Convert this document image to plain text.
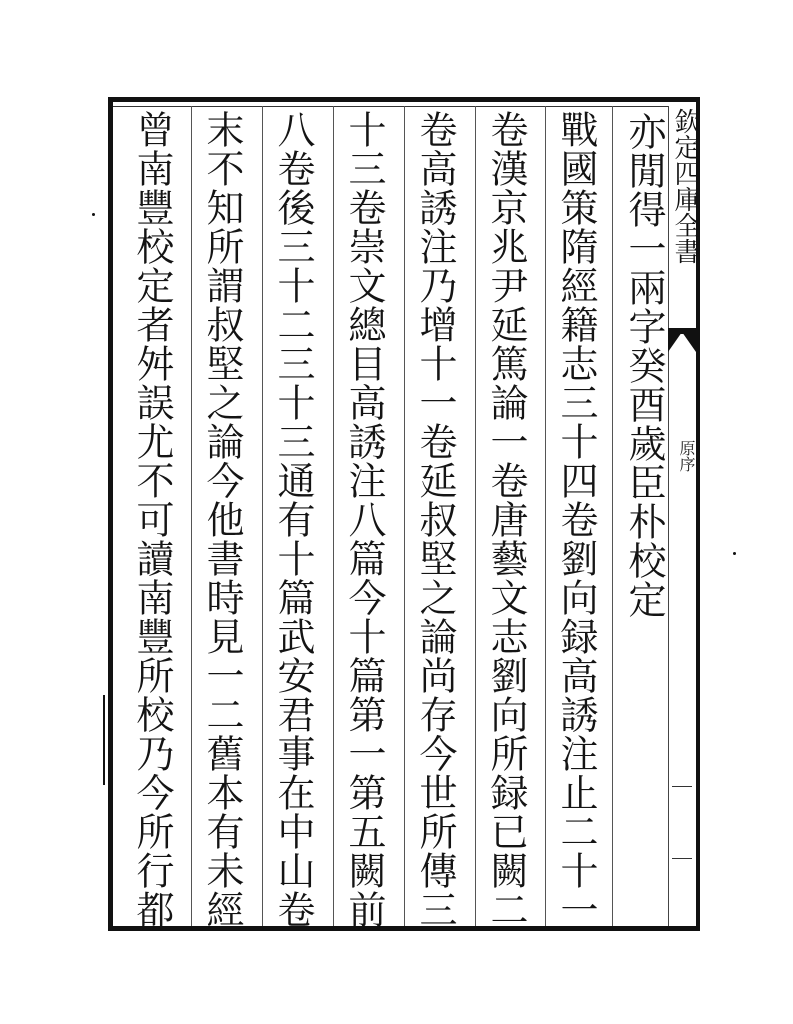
欽定四庫全書
原序
亦閒得一兩字癸酉歲臣朴校定
戰國策隋經籍志三十四卷劉向録高誘注止二十一
卷漢京兆尹延篤論一卷唐藝文志劉向所録已闕二
卷高誘注乃增十一卷延叔堅之論尚存今世所傳三
十三卷崇文總目高誘注八篇今十篇第一第五闕前
八卷後三十二三十三通有十篇武安君事在中山卷
末不知所謂叔堅之論今他書時見一二舊本有未經
曾南豐校定者舛誤尤不可讀南豐所校乃今所行都
